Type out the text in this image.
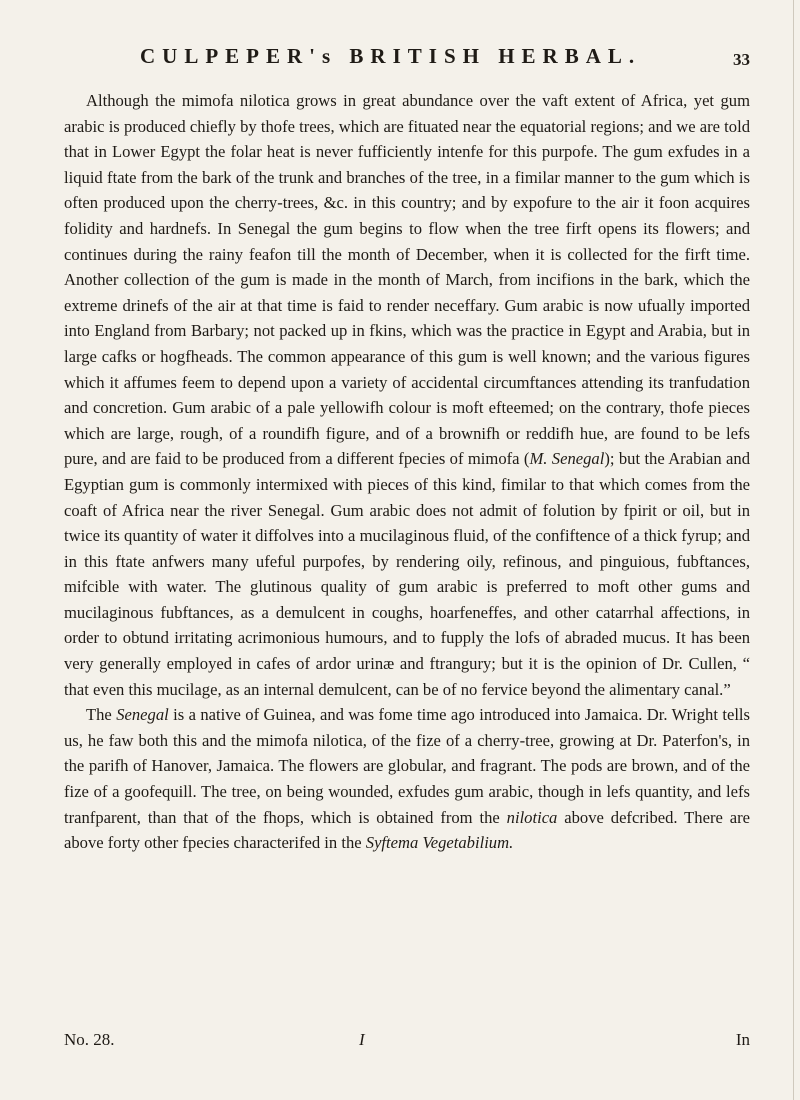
CULPEPER's BRITISH HERBAL.	33

Although the mimofa nilotica grows in great abundance over the vaft extent of Africa, yet gum arabic is produced chiefly by thofe trees, which are fituated near the equatorial regions; and we are told that in Lower Egypt the folar heat is never fufficiently intenfe for this purpofe. The gum exfudes in a liquid ftate from the bark of the trunk and branches of the tree, in a fimilar manner to the gum which is often produced upon the cherry-trees, &c. in this country; and by expofure to the air it foon acquires folidity and hardnefs. In Senegal the gum begins to flow when the tree firft opens its flowers; and continues during the rainy feafon till the month of December, when it is collected for the firft time. Another collection of the gum is made in the month of March, from incifions in the bark, which the extreme drinefs of the air at that time is faid to render neceffary. Gum arabic is now ufually imported into England from Barbary; not packed up in fkins, which was the practice in Egypt and Arabia, but in large cafks or hogfheads. The common appearance of this gum is well known; and the various figures which it affumes feem to depend upon a variety of accidental circumftances attending its tranfudation and concretion. Gum arabic of a pale yellowifh colour is moft efteemed; on the contrary, thofe pieces which are large, rough, of a roundifh figure, and of a brownifh or reddifh hue, are found to be lefs pure, and are faid to be produced from a different fpecies of mimofa (M. Senegal); but the Arabian and Egyptian gum is commonly intermixed with pieces of this kind, fimilar to that which comes from the coaft of Africa near the river Senegal. Gum arabic does not admit of folution by fpirit or oil, but in twice its quantity of water it diffolves into a mucilaginous fluid, of the confiftence of a thick fyrup; and in this ftate anfwers many ufeful purpofes, by rendering oily, refinous, and pinguious, fubftances, mifcible with water. The glutinous quality of gum arabic is preferred to moft other gums and mucilaginous fubftances, as a demulcent in coughs, hoarfeneffes, and other catarrhal affections, in order to obtund irritating acrimonious humours, and to fupply the lofs of abraded mucus. It has been very generally employed in cafes of ardor urinæ and ftrangury; but it is the opinion of Dr. Cullen, “ that even this mucilage, as an internal demulcent, can be of no fervice beyond the alimentary canal.”

The Senegal is a native of Guinea, and was fome time ago introduced into Jamaica. Dr. Wright tells us, he faw both this and the mimofa nilotica, of the fize of a cherry-tree, growing at Dr. Paterfon's, in the parifh of Hanover, Jamaica. The flowers are globular, and fragrant. The pods are brown, and of the fize of a goofequill. The tree, on being wounded, exfudes gum arabic, though in lefs quantity, and lefs tranfparent, than that of the fhops, which is obtained from the nilotica above defcribed. There are above forty other fpecies characterifed in the Syftema Vegetabilium.

No. 28.	I	In
